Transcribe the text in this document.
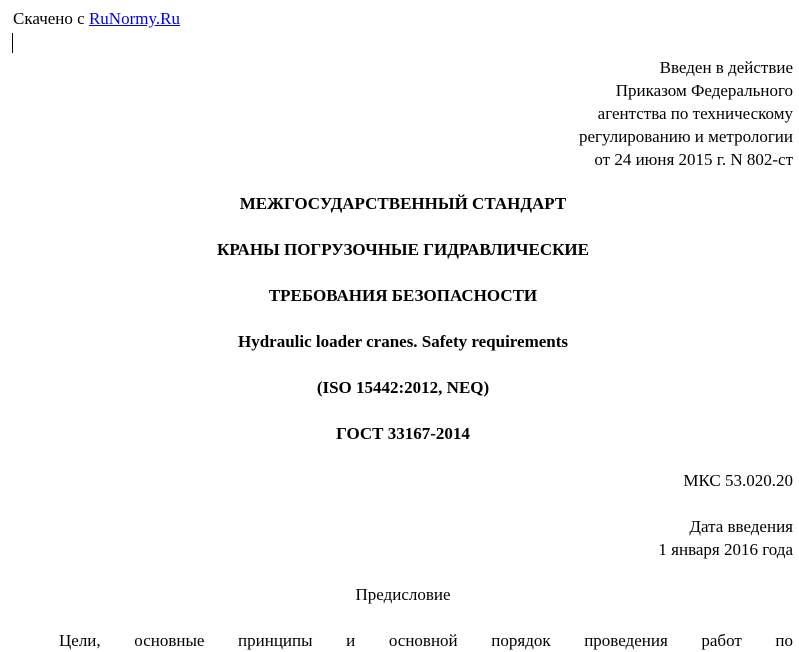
Скачено с RuNormy.Ru
Введен в действие
Приказом Федерального
агентства по техническому
регулированию и метрологии
от 24 июня 2015 г. N 802-ст
МЕЖГОСУДАРСТВЕННЫЙ СТАНДАРТ
КРАНЫ ПОГРУЗОЧНЫЕ ГИДРАВЛИЧЕСКИЕ
ТРЕБОВАНИЯ БЕЗОПАСНОСТИ
Hydraulic loader cranes. Safety requirements
(ISO 15442:2012, NEQ)
ГОСТ 33167-2014
МКС 53.020.20
Дата введения
1 января 2016 года
Предисловие
Цели, основные принципы и основной порядок проведения работ по
